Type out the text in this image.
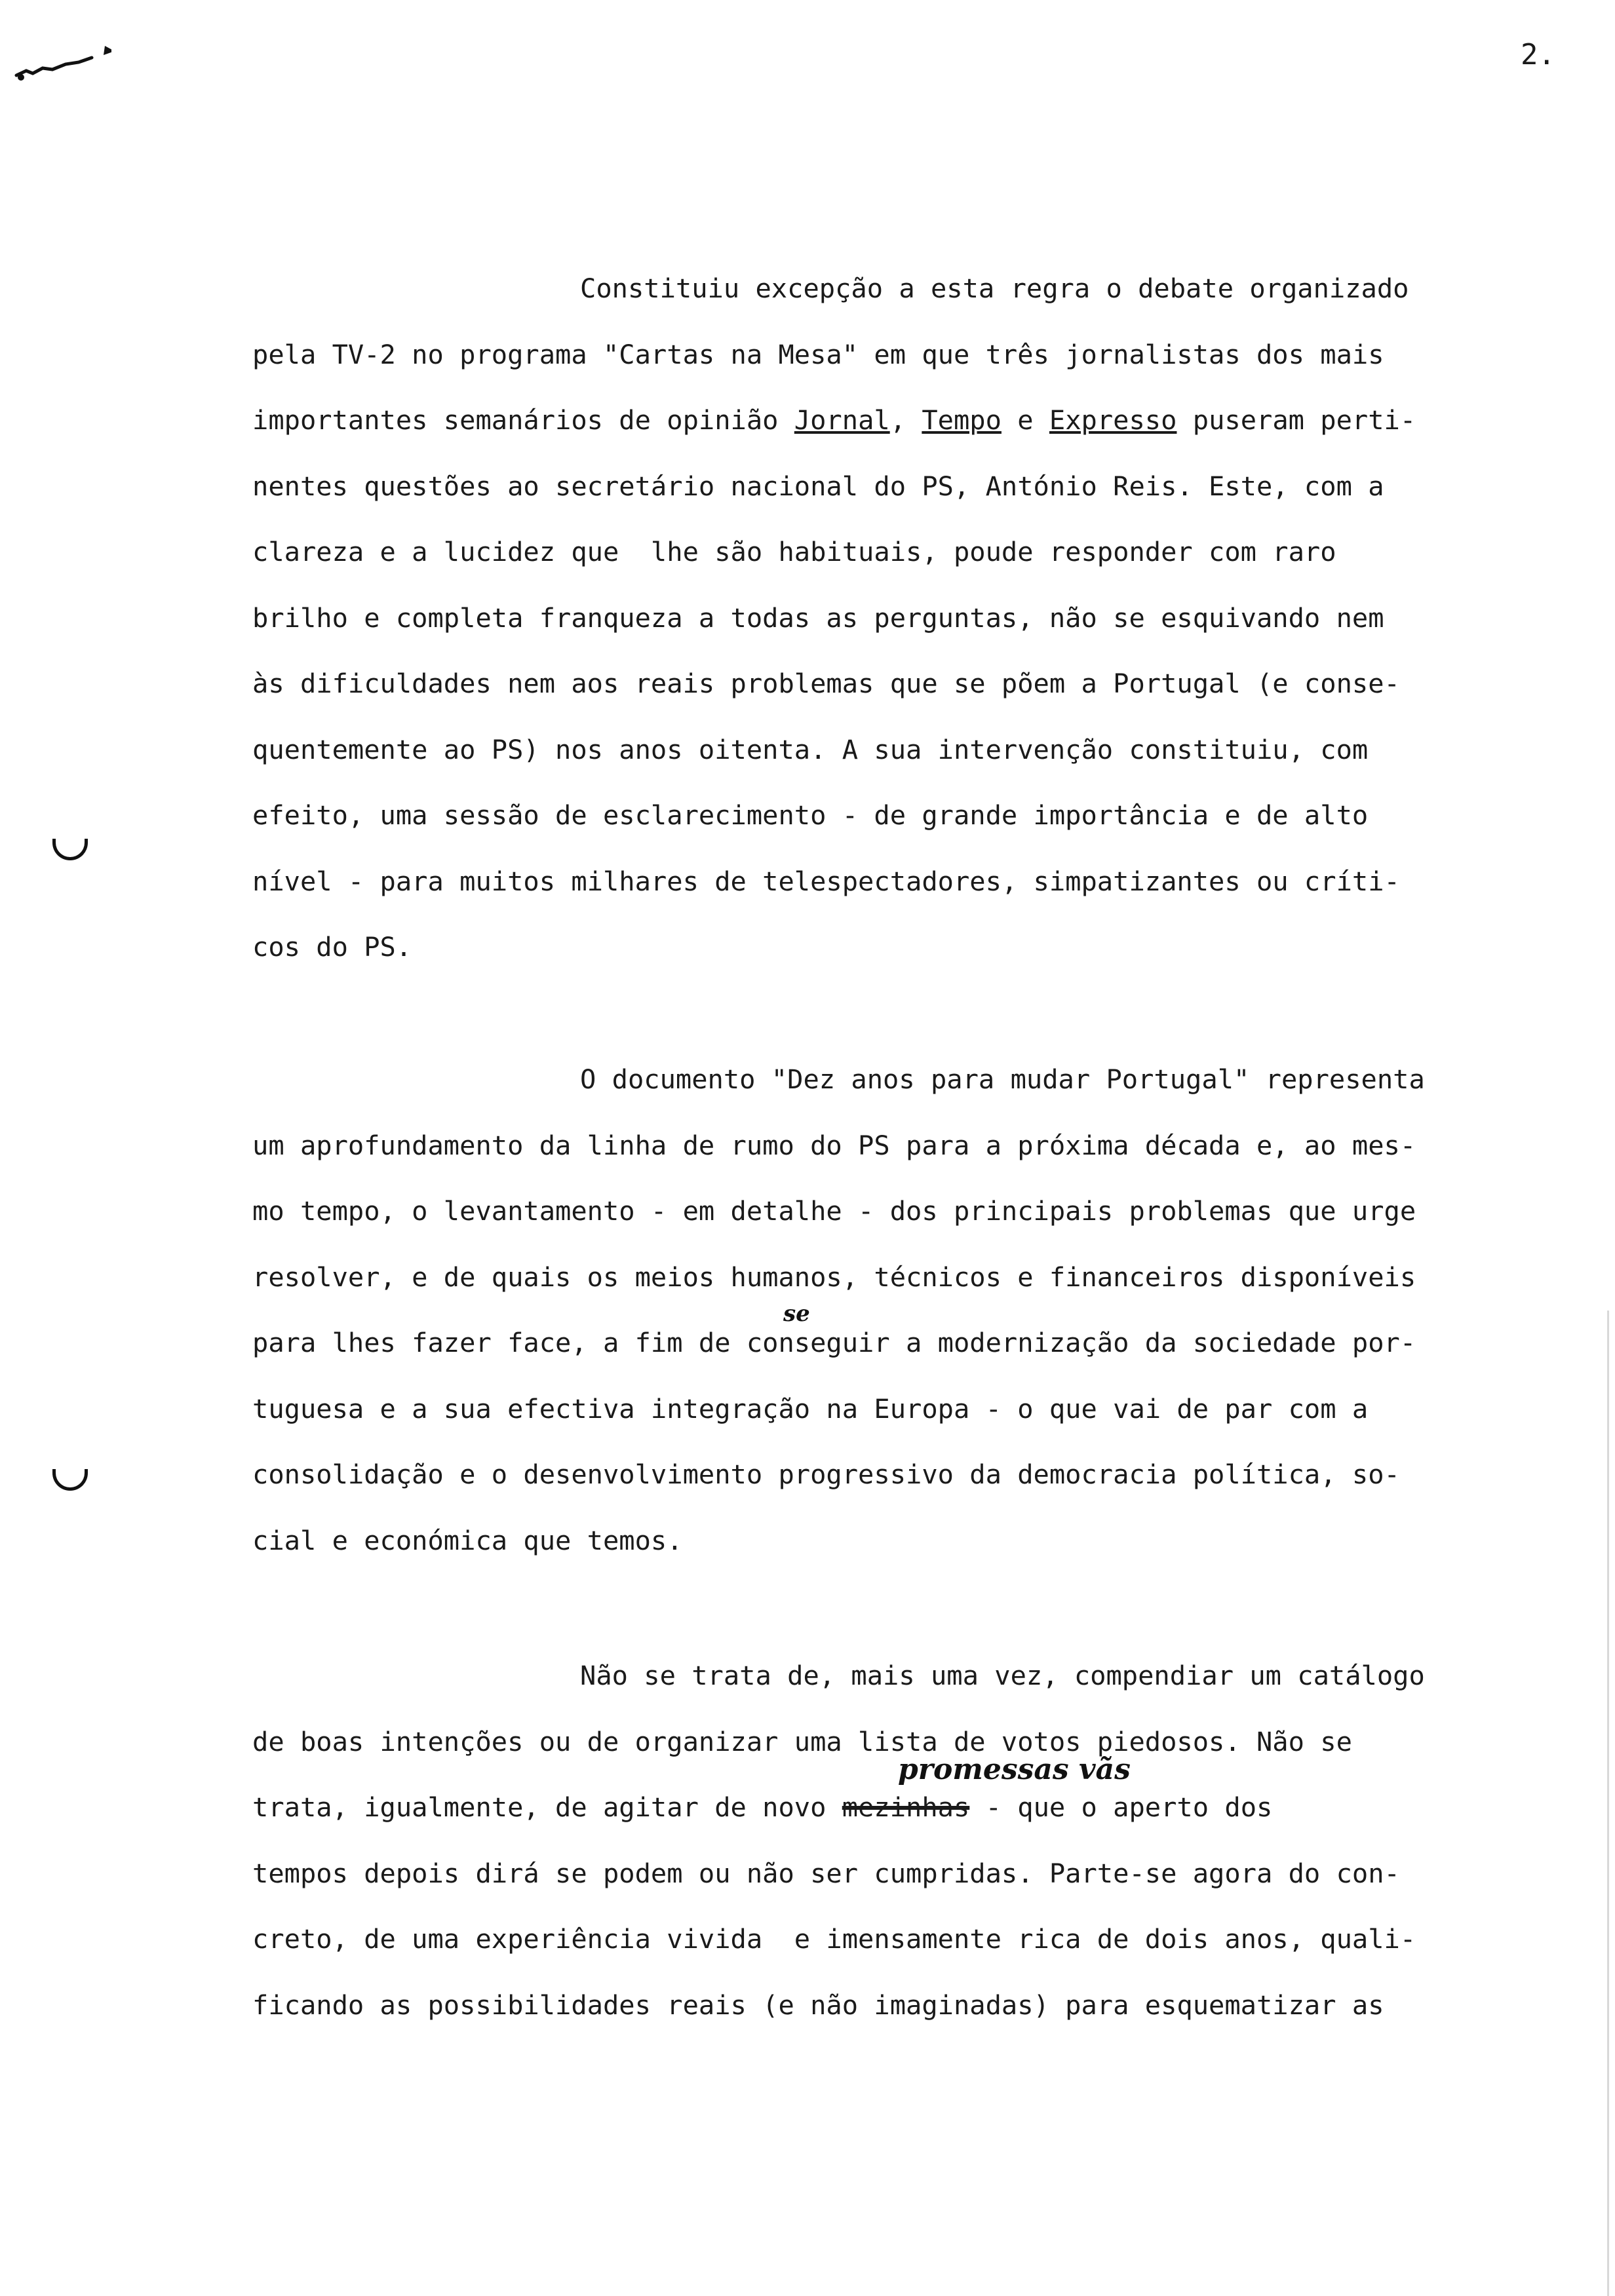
2.
Constituiu excepção a esta regra o debate organizado
pela TV-2 no programa "Cartas na Mesa" em que três jornalistas dos mais
importantes semanários de opinião Jornal, Tempo e Expresso puseram perti-
nentes questões ao secretário nacional do PS, António Reis. Este, com a
clareza e a lucidez que  lhe são habituais, poude responder com raro
brilho e completa franqueza a todas as perguntas, não se esquivando nem
às dificuldades nem aos reais problemas que se põem a Portugal (e conse-
quentemente ao PS) nos anos oitenta. A sua intervenção constituiu, com
efeito, uma sessão de esclarecimento - de grande importância e de alto
nível - para muitos milhares de telespectadores, simpatizantes ou críti-
cos do PS.
O documento "Dez anos para mudar Portugal" representa
um aprofundamento da linha de rumo do PS para a próxima década e, ao mes-
mo tempo, o levantamento - em detalhe - dos principais problemas que urge
resolver, e de quais os meios humanos, técnicos e financeiros disponíveis
para lhes fazer face, a fim de conseguir a modernização da sociedade por-
tuguesa e a sua efectiva integração na Europa - o que vai de par com a
consolidação e o desenvolvimento progressivo da democracia política, so-
cial e económica que temos.
Não se trata de, mais uma vez, compendiar um catálogo
de boas intenções ou de organizar uma lista de votos piedosos. Não se
trata, igualmente, de agitar de novo mezinhas - que o aperto dos
tempos depois dirá se podem ou não ser cumpridas. Parte-se agora do con-
creto, de uma experiência vivida  e imensamente rica de dois anos, quali-
ficando as possibilidades reais (e não imaginadas) para esquematizar as
se
promessas vãs
